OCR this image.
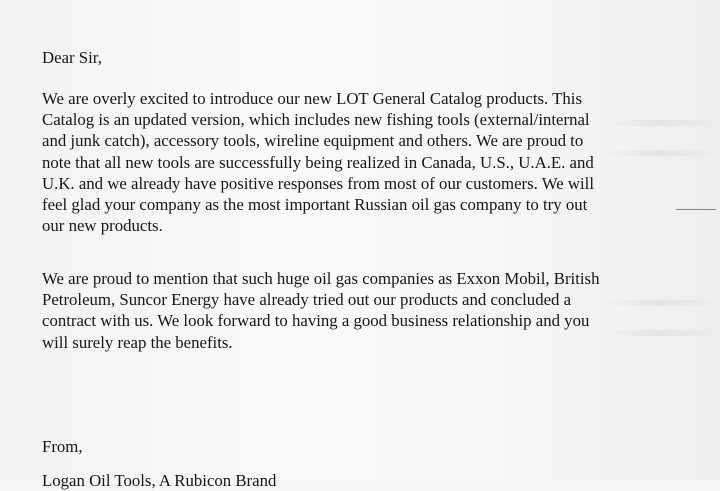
Dear Sir,

We are overly excited to introduce our new LOT General Catalog products. This
Catalog is an updated version, which includes new fishing tools (external/internal
and junk catch), accessory tools, wireline equipment and others. We are proud to
note that all new tools are successfully being realized in Canada, U.S., U.A.E. and
U.K. and we already have positive responses from most of our customers. We will
feel glad your company as the most important Russian oil gas company to try out
our new products.
We are proud to mention that such huge oil gas companies as Exxon Mobil, British
Petroleum, Suncor Energy have already tried out our products and concluded a
contract with us. We look forward to having a good business relationship and you
will surely reap the benefits.

From,

Logan Oil Tools, A Rubicon Brand
